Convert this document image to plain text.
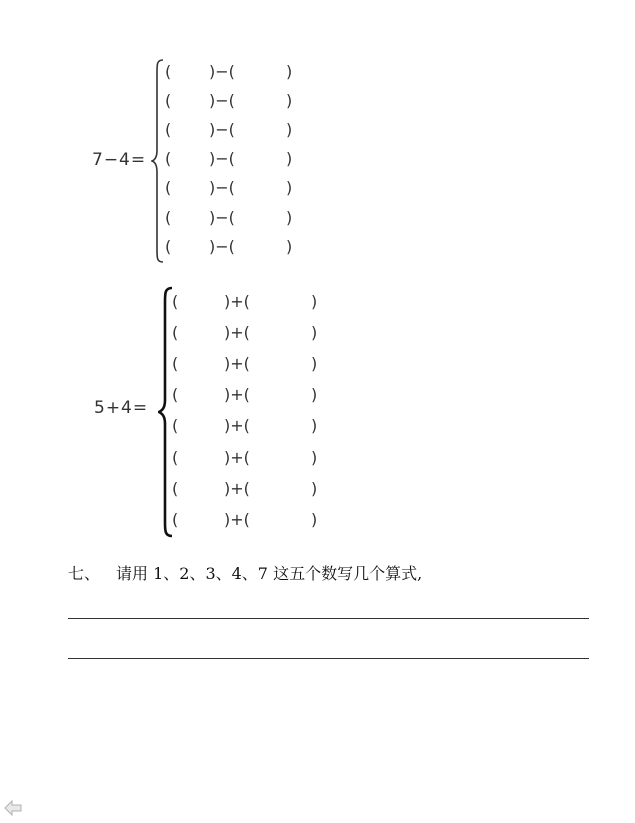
7−4=
( )−(	)
( )−(	)
( )−(	)
( )−(	)
( )−(	)
( )−(	)
( )−(	)
5+4=
(	)+(	)
(	)+(	)
(	)+(	)
(	)+(	)
(	)+(	)
(	)+(	)
(	)+(	)
(	)+(	)
七、 请用 1、2、3、4、7 这五个数写几个算式,
